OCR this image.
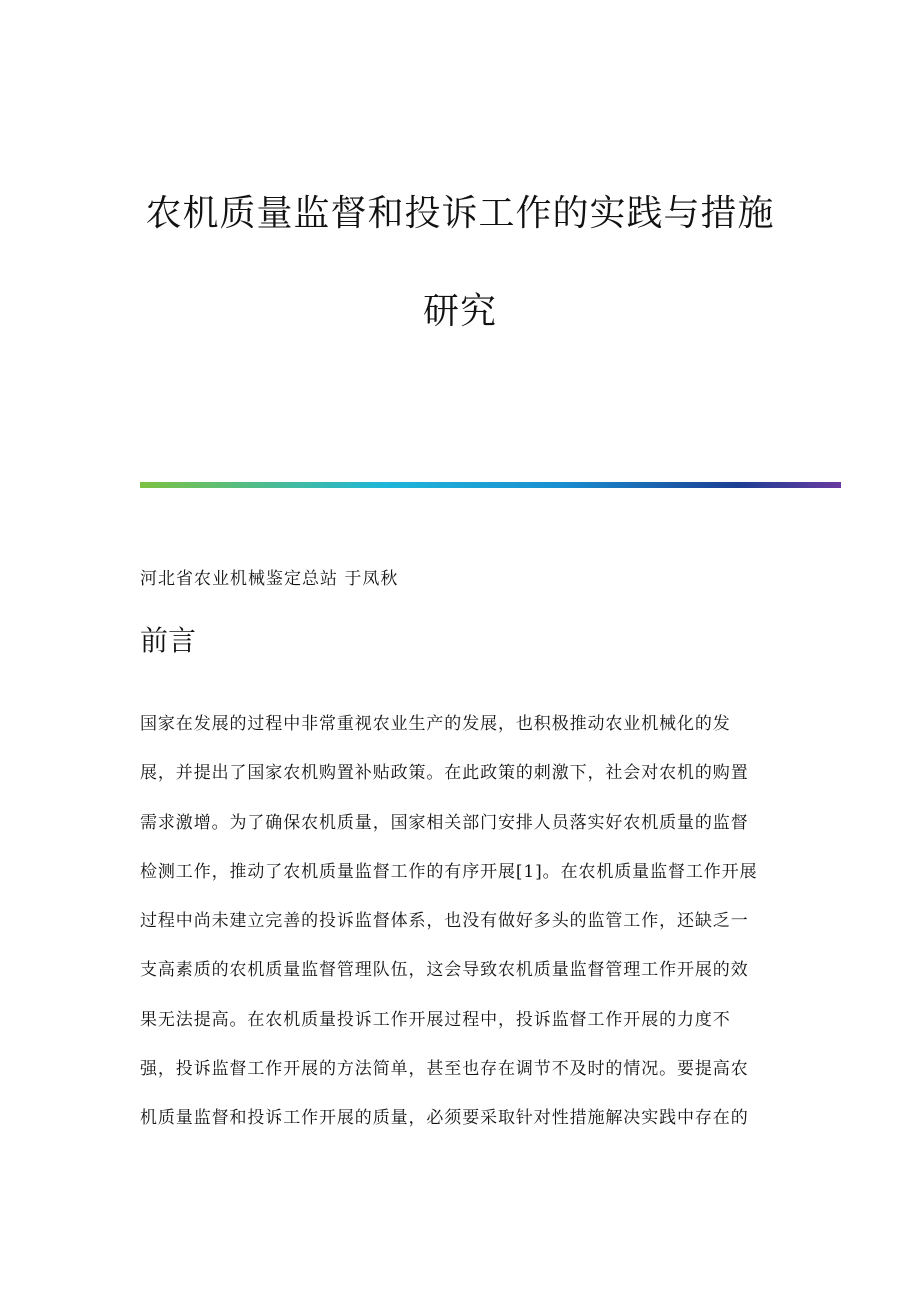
农机质量监督和投诉工作的实践与措施
研究
河北省农业机械鉴定总站 于凤秋
前言
国家在发展的过程中非常重视农业生产的发展，也积极推动农业机械化的发
展，并提出了国家农机购置补贴政策。在此政策的刺激下，社会对农机的购置
需求激增。为了确保农机质量，国家相关部门安排人员落实好农机质量的监督
检测工作，推动了农机质量监督工作的有序开展[1]。在农机质量监督工作开展
过程中尚未建立完善的投诉监督体系，也没有做好多头的监管工作，还缺乏一
支高素质的农机质量监督管理队伍，这会导致农机质量监督管理工作开展的效
果无法提高。在农机质量投诉工作开展过程中，投诉监督工作开展的力度不
强，投诉监督工作开展的方法简单，甚至也存在调节不及时的情况。要提高农
机质量监督和投诉工作开展的质量，必须要采取针对性措施解决实践中存在的
